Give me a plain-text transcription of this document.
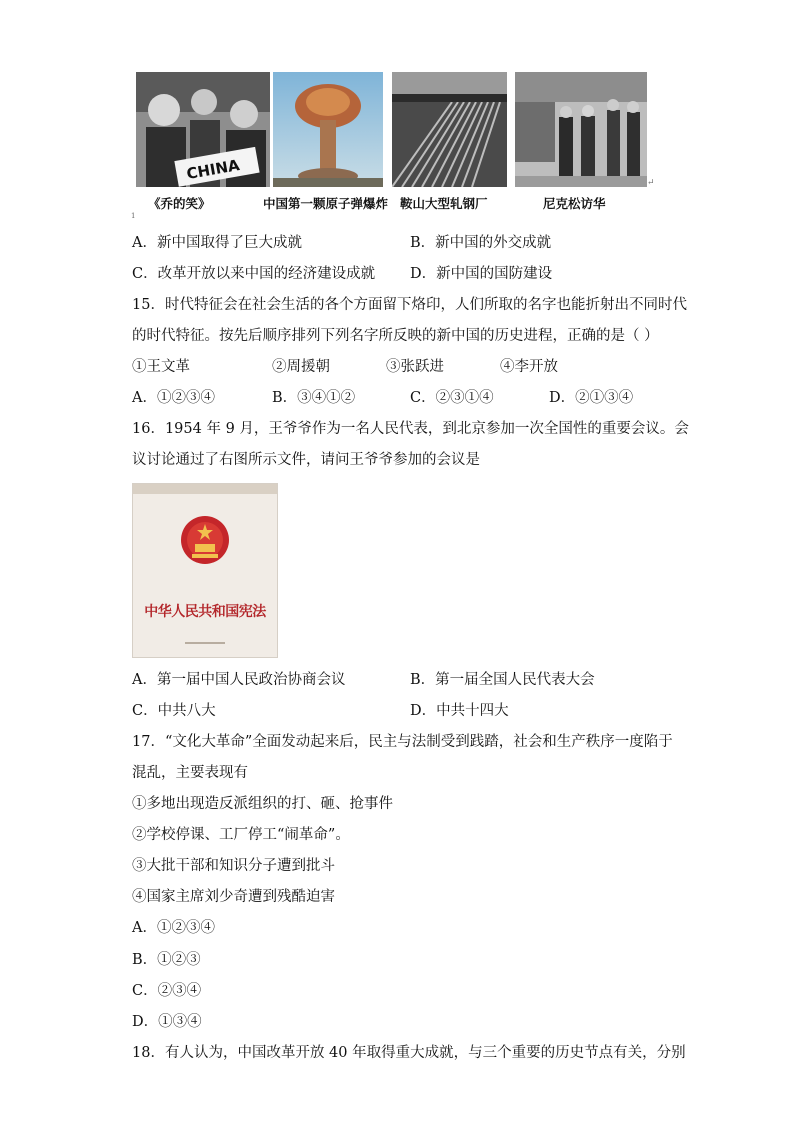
CHINA	↵
《乔的笑》	中国第一颗原子弹爆炸 鞍山大型轧钢厂	尼克松访华
1
A．新中国取得了巨大成就	B．新中国的外交成就
C．改革开放以来中国的经济建设成就 D．新中国的国防建设
15．时代特征会在社会生活的各个方面留下烙印，人们所取的名字也能折射出不同时代
的时代特征。按先后顺序排列下列名字所反映的新中国的历史进程，正确的是（ ）
①王文革	②周援朝	③张跃进	④李开放
A．①②③④	B．③④①②	C．②③①④	D．②①③④
16．1954 年 9 月，王爷爷作为一名人民代表，到北京参加一次全国性的重要会议。会
议讨论通过了右图所示文件，请问王爷爷参加的会议是
中华人民共和国宪法
A．第一届中国人民政治协商会议	B．第一届全国人民代表大会
C．中共八大	D．中共十四大
17．“文化大革命”全面发动起来后，民主与法制受到践踏，社会和生产秩序一度陷于
混乱，主要表现有
①多地出现造反派组织的打、砸、抢事件
②学校停课、工厂停工“闹革命”。
③大批干部和知识分子遭到批斗
④国家主席刘少奇遭到残酷迫害
A．①②③④
B．①②③
C．②③④
D．①③④
18．有人认为，中国改革开放 40 年取得重大成就，与三个重要的历史节点有关，分别
